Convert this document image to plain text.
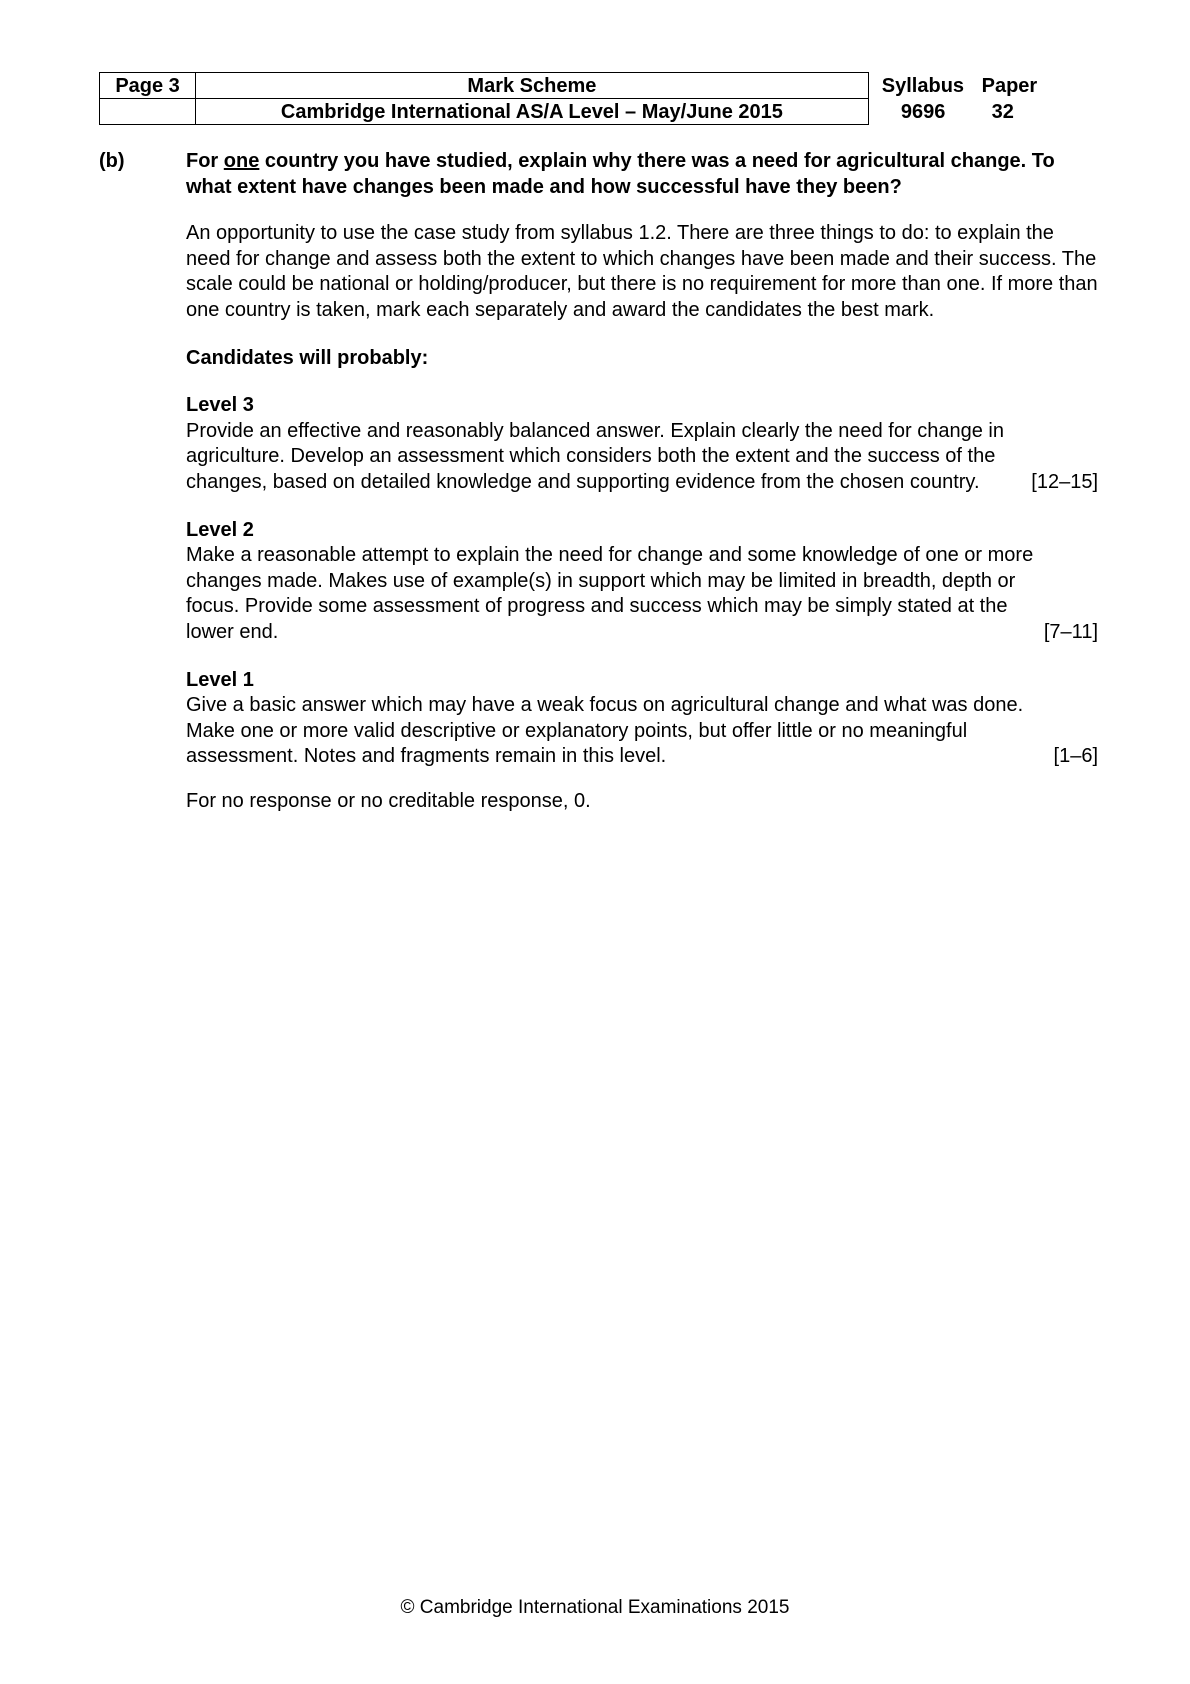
Page 3	Mark Scheme	Syllabus	Paper
	Cambridge International AS/A Level – May/June 2015	9696	32
(b)	For one country you have studied, explain why there was a need for agricultural change. To what extent have changes been made and how successful have they been?

An opportunity to use the case study from syllabus 1.2. There are three things to do: to explain the need for change and assess both the extent to which changes have been made and their success. The scale could be national or holding/producer, but there is no requirement for more than one. If more than one country is taken, mark each separately and award the candidates the best mark.

Candidates will probably:
Level 3
Provide an effective and reasonably balanced answer. Explain clearly the need for change in agriculture. Develop an assessment which considers both the extent and the success of the changes, based on detailed knowledge and supporting evidence from the chosen country.	[12–15]
Level 2
Make a reasonable attempt to explain the need for change and some knowledge of one or more changes made. Makes use of example(s) in support which may be limited in breadth, depth or focus. Provide some assessment of progress and success which may be simply stated at the lower end.	[7–11]
Level 1
Give a basic answer which may have a weak focus on agricultural change and what was done. Make one or more valid descriptive or explanatory points, but offer little or no meaningful assessment. Notes and fragments remain in this level.	[1–6]

For no response or no creditable response, 0.

© Cambridge International Examinations 2015
